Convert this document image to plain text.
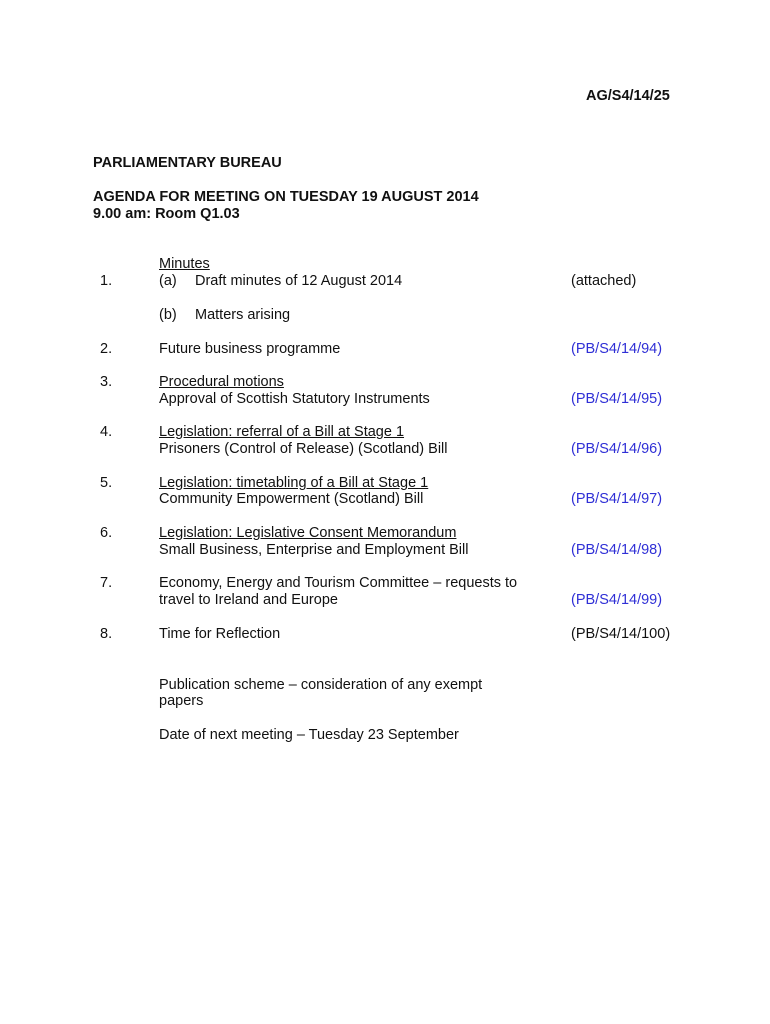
AG/S4/14/25
PARLIAMENTARY BUREAU
AGENDA FOR MEETING ON TUESDAY 19 AUGUST 2014
9.00 am: Room Q1.03
Minutes
1.	(a) Draft minutes of 12 August 2014	(attached)
(b) Matters arising
2.	Future business programme	(PB/S4/14/94)
3.	Procedural motions
Approval of Scottish Statutory Instruments	(PB/S4/14/95)
4.	Legislation: referral of a Bill at Stage 1
Prisoners (Control of Release) (Scotland) Bill	(PB/S4/14/96)
5.	Legislation: timetabling of a Bill at Stage 1
Community Empowerment (Scotland) Bill	(PB/S4/14/97)
6.	Legislation: Legislative Consent Memorandum
Small Business, Enterprise and Employment Bill	(PB/S4/14/98)
7.	Economy, Energy and Tourism Committee – requests to
travel to Ireland and Europe	(PB/S4/14/99)
8.	Time for Reflection	(PB/S4/14/100)
Publication scheme – consideration of any exempt
papers
Date of next meeting – Tuesday 23 September
